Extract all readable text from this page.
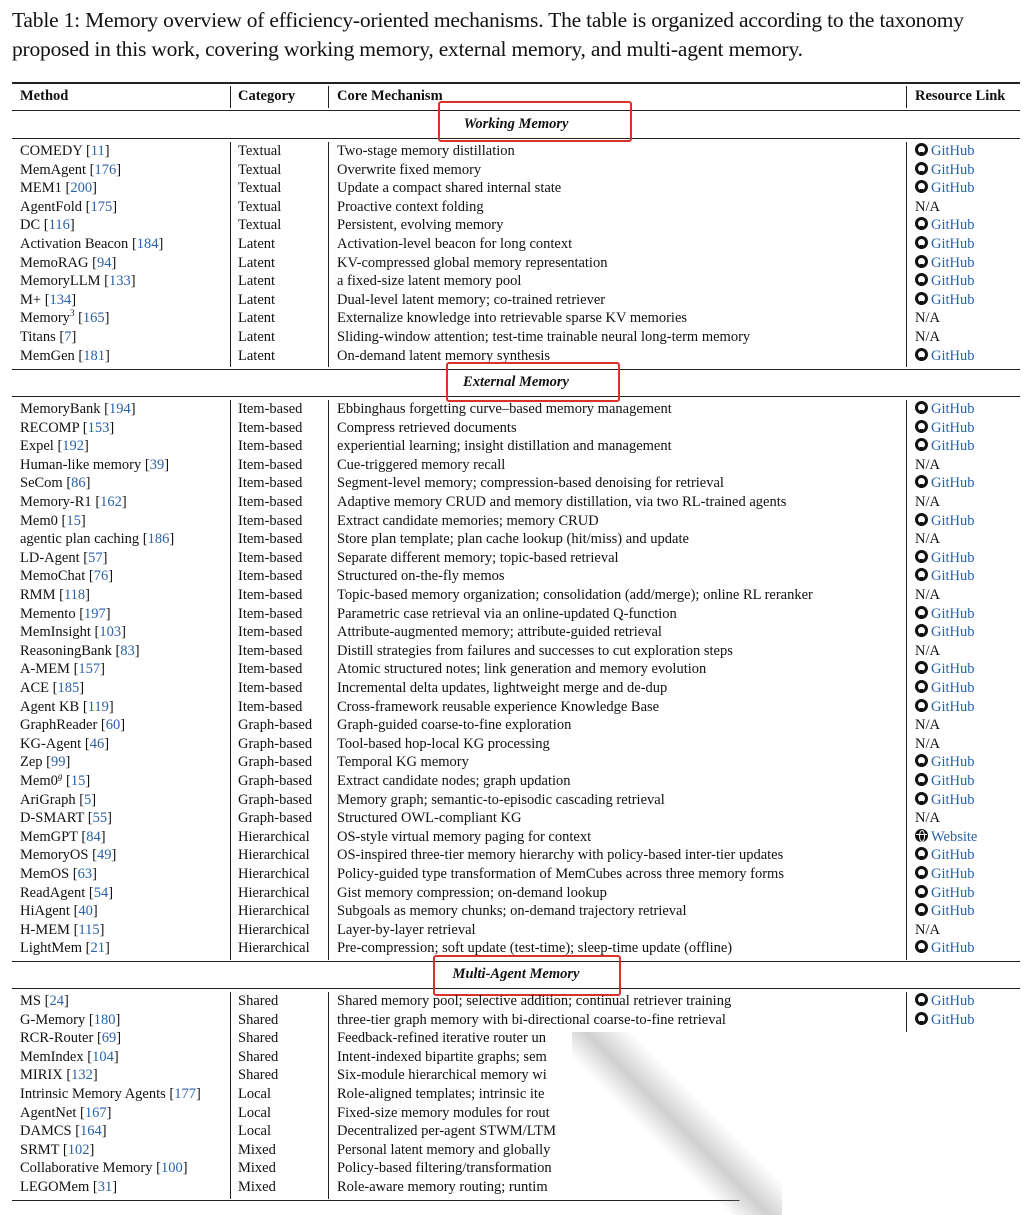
Table 1: Memory overview of efficiency-oriented mechanisms. The table is organized according to the taxonomy proposed in this work, covering working memory, external memory, and multi-agent memory.
Method	Category	Core Mechanism	Resource Link
Working Memory
COMEDY [11]	Textual	Two-stage memory distillation	GitHub
MemAgent [176]	Textual	Overwrite fixed memory	GitHub
MEM1 [200]	Textual	Update a compact shared internal state	GitHub
AgentFold [175]	Textual	Proactive context folding	N/A
DC [116]	Textual	Persistent, evolving memory	GitHub
Activation Beacon [184]	Latent	Activation-level beacon for long context	GitHub
MemoRAG [94]	Latent	KV-compressed global memory representation	GitHub
MemoryLLM [133]	Latent	a fixed-size latent memory pool	GitHub
M+ [134]	Latent	Dual-level latent memory; co-trained retriever	GitHub
Memory$^3$ [165]	Latent	Externalize knowledge into retrievable sparse KV memories	N/A
Titans [7]	Latent	Sliding-window attention; test-time trainable neural long-term memory	N/A
MemGen [181]	Latent	On-demand latent memory synthesis	GitHub
External Memory
MemoryBank [194]	Item-based Ebbinghaus forgetting curve–based memory management	GitHub
RECOMP [153]	Item-based Compress retrieved documents	GitHub
Expel [192]	Item-based experiential learning; insight distillation and management	GitHub
Human-like memory [39]	Item-based Cue-triggered memory recall	N/A
SeCom [86]	Item-based Segment-level memory; compression-based denoising for retrieval	GitHub
Memory-R1 [162]	Item-based Adaptive memory CRUD and memory distillation, via two RL-trained agents	N/A
Mem0 [15]	Item-based Extract candidate memories; memory CRUD	GitHub
agentic plan caching [186]	Item-based Store plan template; plan cache lookup (hit/miss) and update	N/A
LD-Agent [57]	Item-based Separate different memory; topic-based retrieval	GitHub
MemoChat [76]	Item-based Structured on-the-fly memos	GitHub
RMM [118]	Item-based Topic-based memory organization; consolidation (add/merge); online RL reranker	N/A
Memento [197]	Item-based Parametric case retrieval via an online-updated Q-function	GitHub
MemInsight [103]	Item-based Attribute-augmented memory; attribute-guided retrieval	GitHub
ReasoningBank [83]	Item-based Distill strategies from failures and successes to cut exploration steps	N/A
A-MEM [157]	Item-based Atomic structured notes; link generation and memory evolution	GitHub
ACE [185]	Item-based Incremental delta updates, lightweight merge and de-dup	GitHub
Agent KB [119]	Item-based Cross-framework reusable experience Knowledge Base	GitHub
GraphReader [60]	Graph-based Graph-guided coarse-to-fine exploration	N/A
KG-Agent [46]	Graph-based Tool-based hop-local KG processing	N/A
Zep [99]	Graph-based Temporal KG memory	GitHub
Mem0$^g$ [15]	Graph-based Extract candidate nodes; graph updation	GitHub
AriGraph [5]	Graph-based Memory graph; semantic-to-episodic cascading retrieval	GitHub
D-SMART [55]	Graph-based Structured OWL-compliant KG	N/A
MemGPT [84]	Hierarchical OS-style virtual memory paging for context	Website
MemoryOS [49]	Hierarchical OS-inspired three-tier memory hierarchy with policy-based inter-tier updates	GitHub
MemOS [63]	Hierarchical Policy-guided type transformation of MemCubes across three memory forms	GitHub
ReadAgent [54]	Hierarchical Gist memory compression; on-demand lookup	GitHub
HiAgent [40]	Hierarchical Subgoals as memory chunks; on-demand trajectory retrieval	GitHub
H-MEM [115]	Hierarchical Layer-by-layer retrieval	N/A
LightMem [21]	Hierarchical Pre-compression; soft update (test-time); sleep-time update (offline)	GitHub
Multi-Agent Memory
MS [24]	Shared	Shared memory pool; selective addition; continual retriever training	GitHub
G-Memory [180]	Shared	three-tier graph memory with bi-directional coarse-to-fine retrieval	GitHub
RCR-Router [69]	Shared	Feedback-refined iterative router un
MemIndex [104]	Shared	Intent-indexed bipartite graphs; sem
MIRIX [132]	Shared	Six-module hierarchical memory wi
Intrinsic Memory Agents [177]	Local	Role-aligned templates; intrinsic ite
AgentNet [167]	Local	Fixed-size memory modules for rout
DAMCS [164]	Local	Decentralized per-agent STWM/LTM
SRMT [102]	Mixed	Personal latent memory and globally
Collaborative Memory [100]	Mixed	Policy-based filtering/transformation
LEGOMem [31]	Mixed	Role-aware memory routing; runtim
